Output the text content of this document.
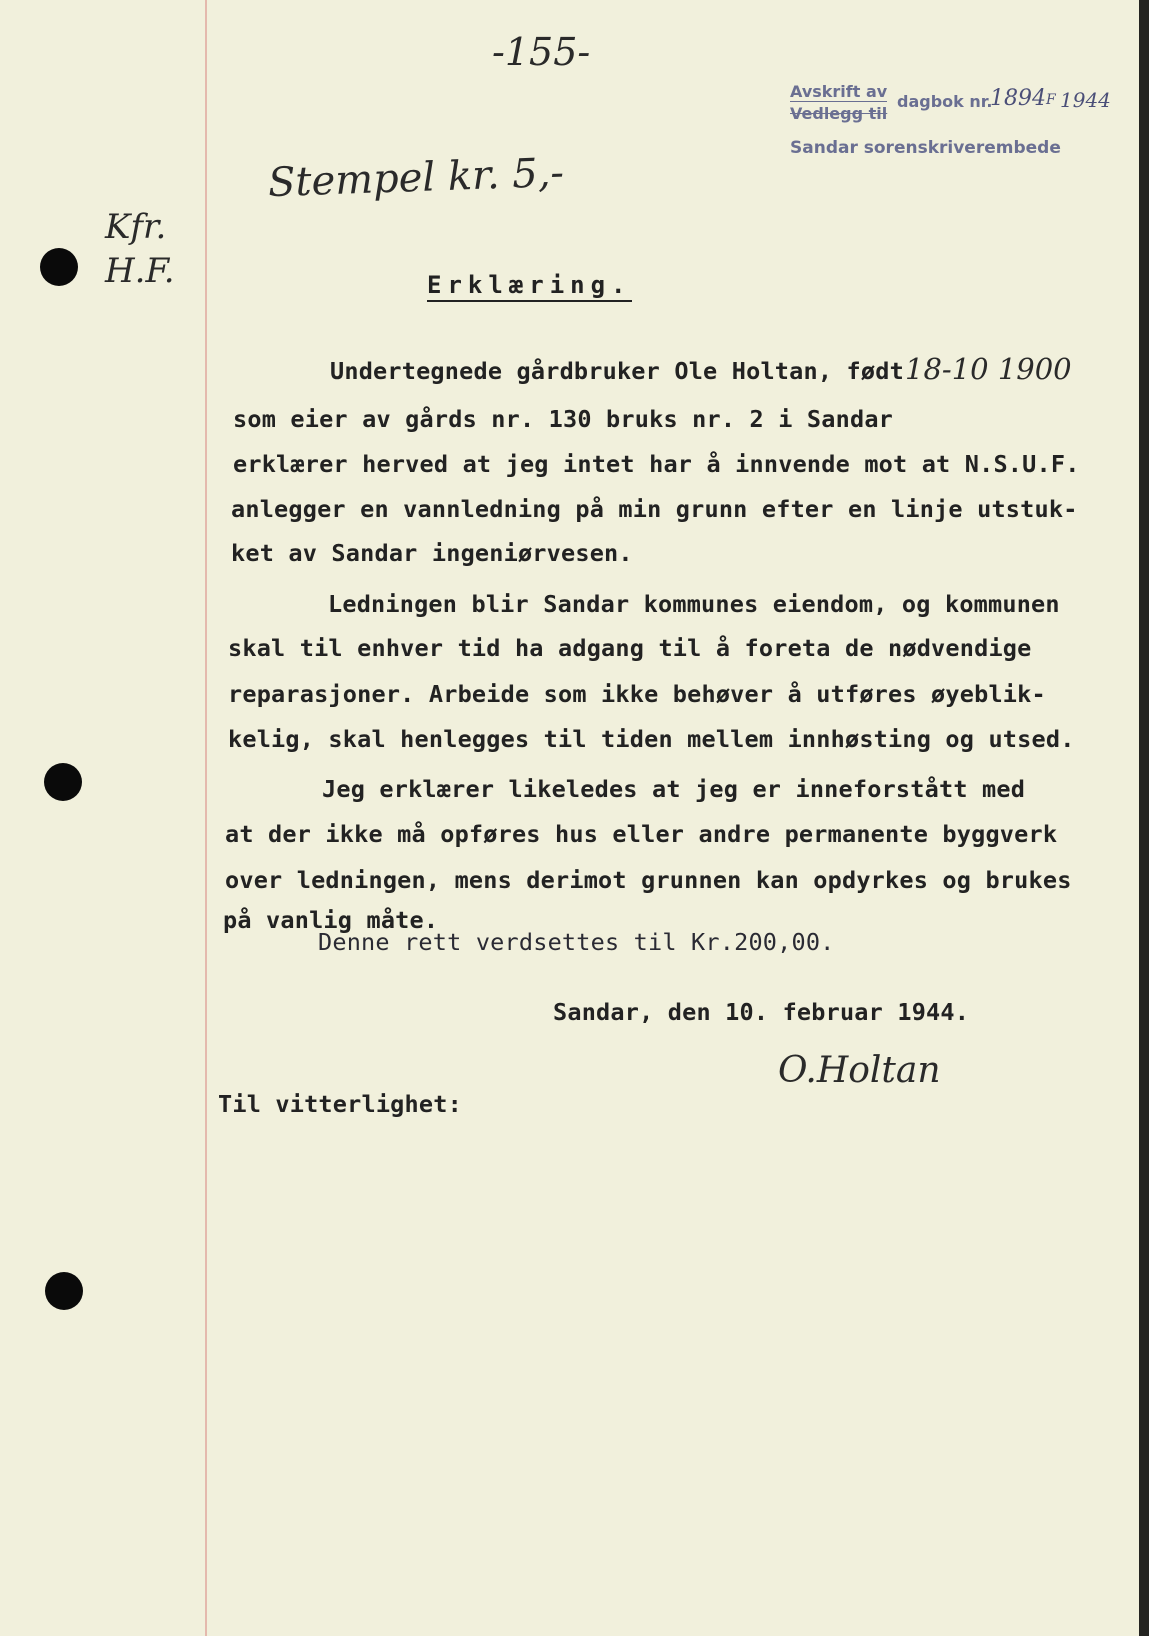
-155-
Avskrift av
Vedlegg til
dagbok nr.
1894 F 1944
Sandar sorenskriverembede
Stempel kr. 5,-
Kfr. H.F.	Erklæring.
Undertegnede gårdbruker Ole Holtan, født 18-10 1900
som eier av gårds nr. 130 bruks nr. 2 i Sandar
erklærer herved at jeg intet har å innvende mot at N.S.U.F.
anlegger en vannledning på min grunn efter en linje utstuk-
ket av Sandar ingeniørvesen.
Ledningen blir Sandar kommunes eiendom, og kommunen
skal til enhver tid ha adgang til å foreta de nødvendige
reparasjoner. Arbeide som ikke behøver å utføres øyeblik-
kelig, skal henlegges til tiden mellem innhøsting og utsed.
Jeg erklærer likeledes at jeg er inneforstått med
at der ikke må opføres hus eller andre permanente byggverk
over ledningen, mens derimot grunnen kan opdyrkes og brukes
på vanlig måte.
Denne rett verdsettes til Kr.200,00.
Sandar, den 10. februar 1944.
O.Holtan
Til vitterlighet:
